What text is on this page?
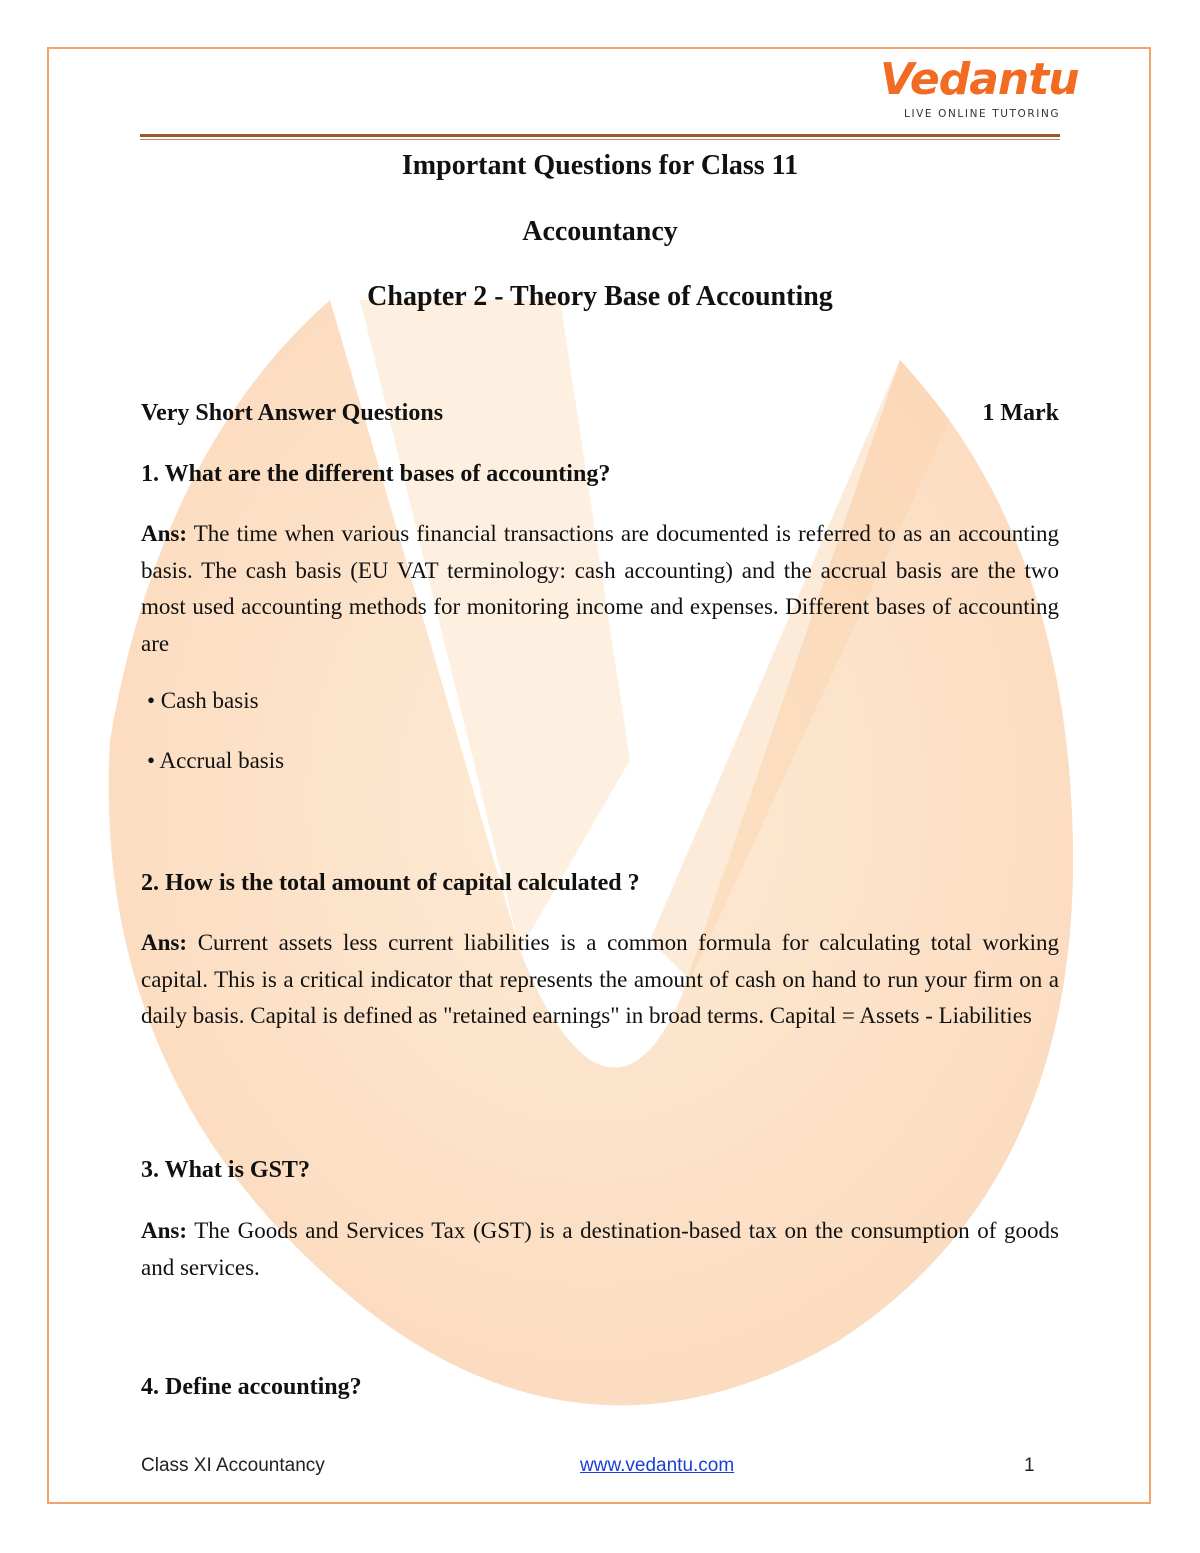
Vedantu
LIVE ONLINE TUTORING
Important Questions for Class 11
Accountancy
Chapter 2 - Theory Base of Accounting
Very Short Answer Questions	1 Mark

1. What are the different bases of accounting?

Ans: The time when various financial transactions are documented is referred to as an accounting basis. The cash basis (EU VAT terminology: cash accounting) and the accrual basis are the two most used accounting methods for monitoring income and expenses. Different bases of accounting are

• Cash basis
• Accrual basis

2. How is the total amount of capital calculated ?

Ans: Current assets less current liabilities is a common formula for calculating total working capital. This is a critical indicator that represents the amount of cash on hand to run your firm on a daily basis. Capital is defined as "retained earnings" in broad terms. Capital = Assets - Liabilities

3. What is GST?

Ans: The Goods and Services Tax (GST) is a destination-based tax on the consumption of goods and services.

4. Define accounting?

Class XI Accountancy	www.vedantu.com	1
